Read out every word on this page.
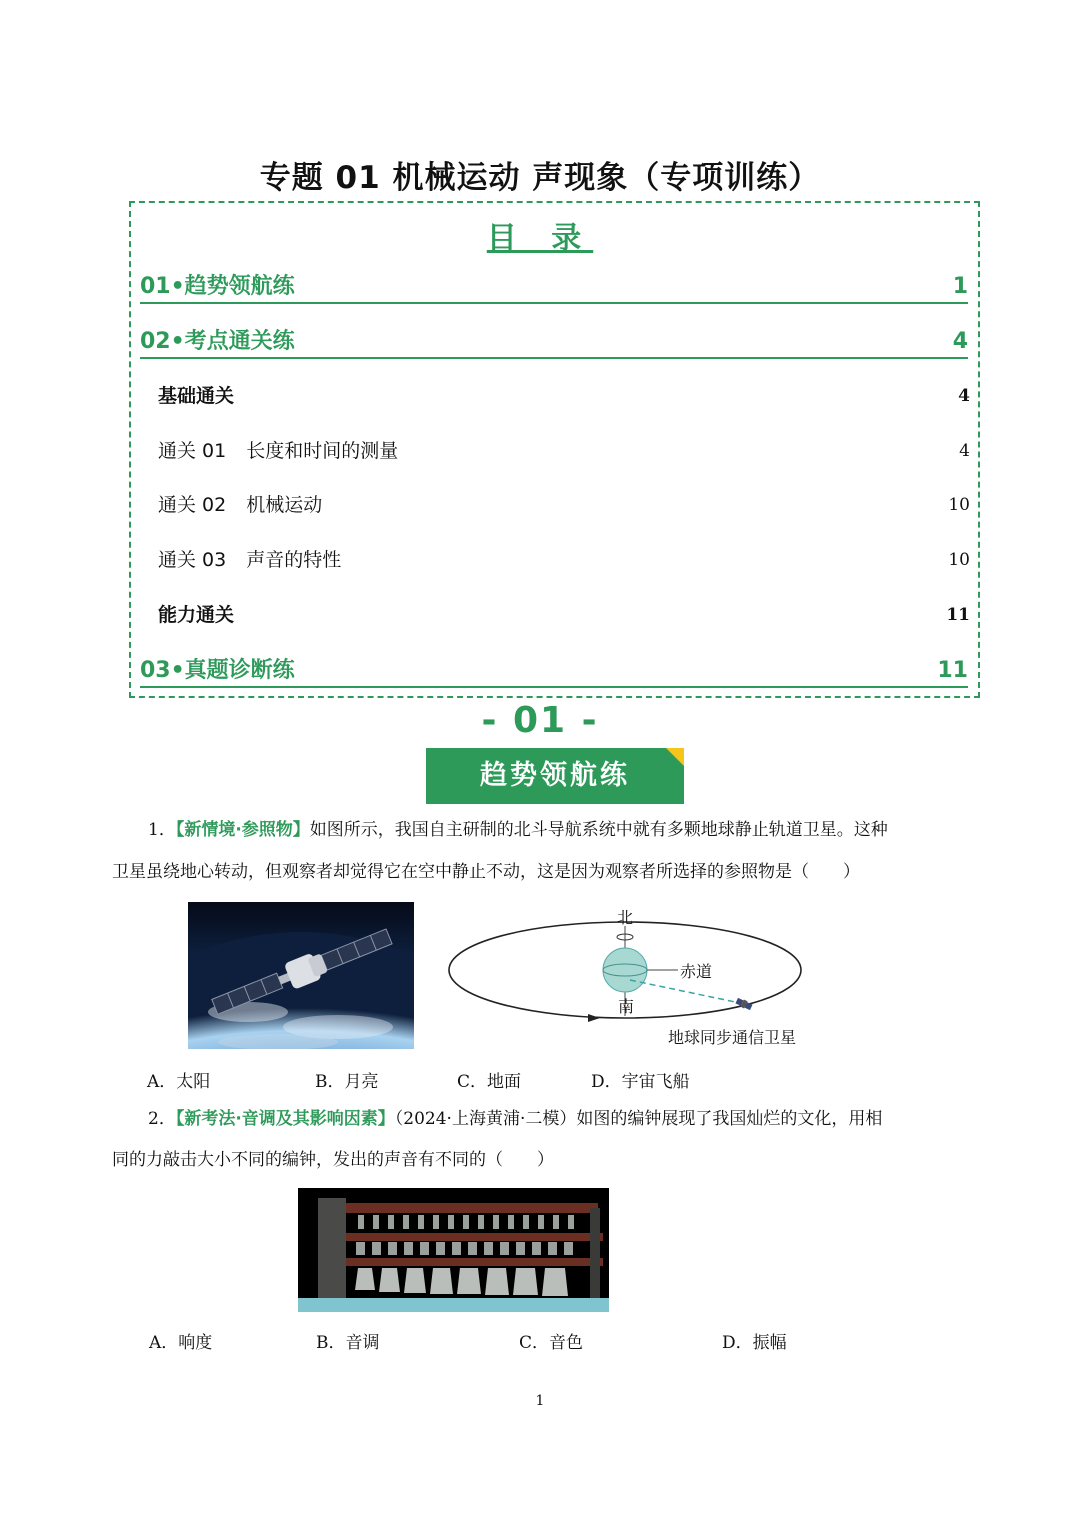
专题 01 机械运动 声现象（专项训练）
目 录
01•趋势领航练	1
02•考点通关练	4
基础通关	4
通关 01 长度和时间的测量	4
通关 02 机械运动	10
通关 03 声音的特性	10
能力通关	11
03•真题诊断练	11
- 01 -
趋势领航练
1．【新情境·参照物】如图所示，我国自主研制的北斗导航系统中就有多颗地球静止轨道卫星。这种
卫星虽绕地心转动，但观察者却觉得它在空中静止不动，这是因为观察者所选择的参照物是（　　）
北
赤道
南
地球同步通信卫星
A．太阳	B．月亮	C．地面	D．宇宙飞船
2．【新考法·音调及其影响因素】（2024·上海黄浦·二模）如图的编钟展现了我国灿烂的文化，用相
同的力敲击大小不同的编钟，发出的声音有不同的（　　）
A．响度	B．音调	C．音色	D．振幅
1
